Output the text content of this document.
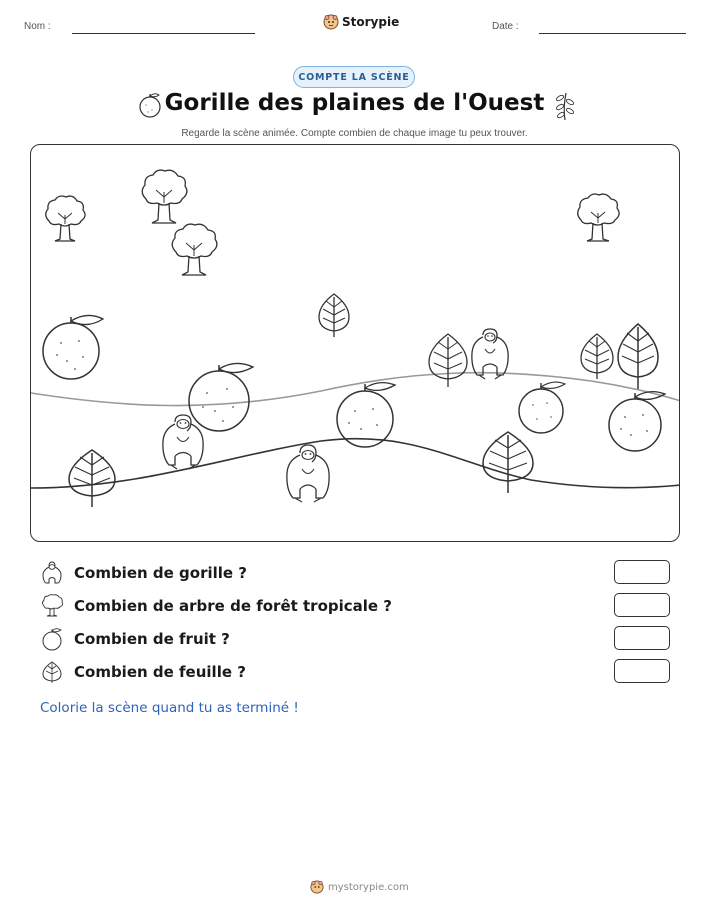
Nom :	Storypie	Date :
COMPTE LA SCÈNE
Gorille des plaines de l'Ouest
Regarde la scène animée. Compte combien de chaque image tu peux trouver.
Combien de gorille ?
Combien de arbre de forêt tropicale ?
Combien de fruit ?
Combien de feuille ?
Colorie la scène quand tu as terminé !
mystorypie.com
